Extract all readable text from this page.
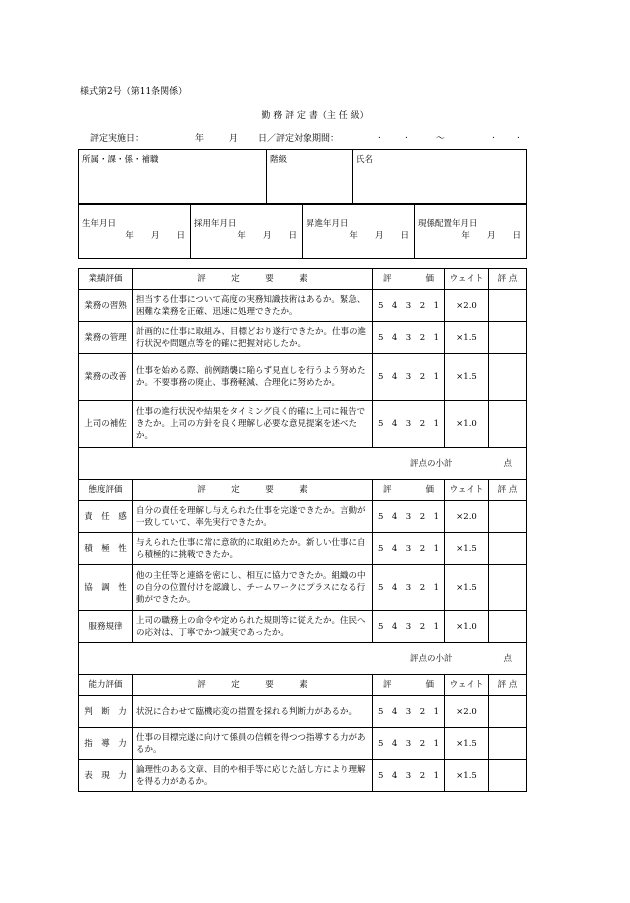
様式第2号（第11条関係）
勤 務 評 定 書（主 任 級）
評定実施日：	年	月 日／評定対象期間：	.	.	〜	. .
所属・課・係・補職	階級	氏名
生年月日
年　　 月　　 日

採用年月日
年　　 月　　 日

昇進年月日
年　　 月　　 日

現係配置年月日
年　　 月　　 日
業績評価	評　　　定　　　要　　　素	評　　　　価	ウェイト	評 点
業務の習熟	担当する仕事について高度の実務知識技術はあるか。緊急、困難な業務を正確、迅速に処理できたか。	5　4　3　2　1	×2.0	
業務の管理	計画的に仕事に取組み、目標どおり遂行できたか。仕事の進行状況や問題点等を的確に把握対応したか。	5　4　3　2　1	×1.5	
業務の改善	仕事を始める際、前例踏襲に陥らず見直しを行うよう努めたか。不要事務の廃止、事務軽減、合理化に努めたか。	5　4　3　2　1	×1.5	
上司の補佐	仕事の進行状況や結果をタイミング良く的確に上司に報告できたか。上司の方針を良く理解し必要な意見提案を述べたか。	5　4　3　2　1	×1.0	
評点の小計　　　　　　 点				
態度評価	評　　　定　　　要　　　素	評　　　　価	ウェイト	評 点
責　任　感	自分の責任を理解し与えられた仕事を完遂できたか。言動が一致していて、率先実行できたか。	5　4　3　2　1	×2.0	
積　極　性	与えられた仕事に常に意欲的に取組めたか。新しい仕事に自ら積極的に挑戦できたか。	5　4　3　2　1	×1.5	
協　調　性	他の主任等と連絡を密にし、相互に協力できたか。組織の中の自分の位置付けを認識し、チームワークにプラスになる行動ができたか。	5　4　3　2　1	×1.5	
服務規律	上司の職務上の命令や定められた規則等に従えたか。住民への応対は、丁寧でかつ誠実であったか。	5　4　3　2　1	×1.0	
評点の小計　　　　　　 点				
能力評価	評　　　定　　　要　　　素	評　　　　価	ウェイト	評 点
判　断　力	状況に合わせて臨機応変の措置を採れる判断力があるか。	5　4　3　2　1	×2.0	
指　導　力	仕事の目標完遂に向けて係員の信頼を得つつ指導する力があるか。	5　4　3　2　1	×1.5	
表　現　力	論理性のある文章、目的や相手等に応じた話し方により理解を得る力があるか。	5　4　3　2　1	×1.5	
